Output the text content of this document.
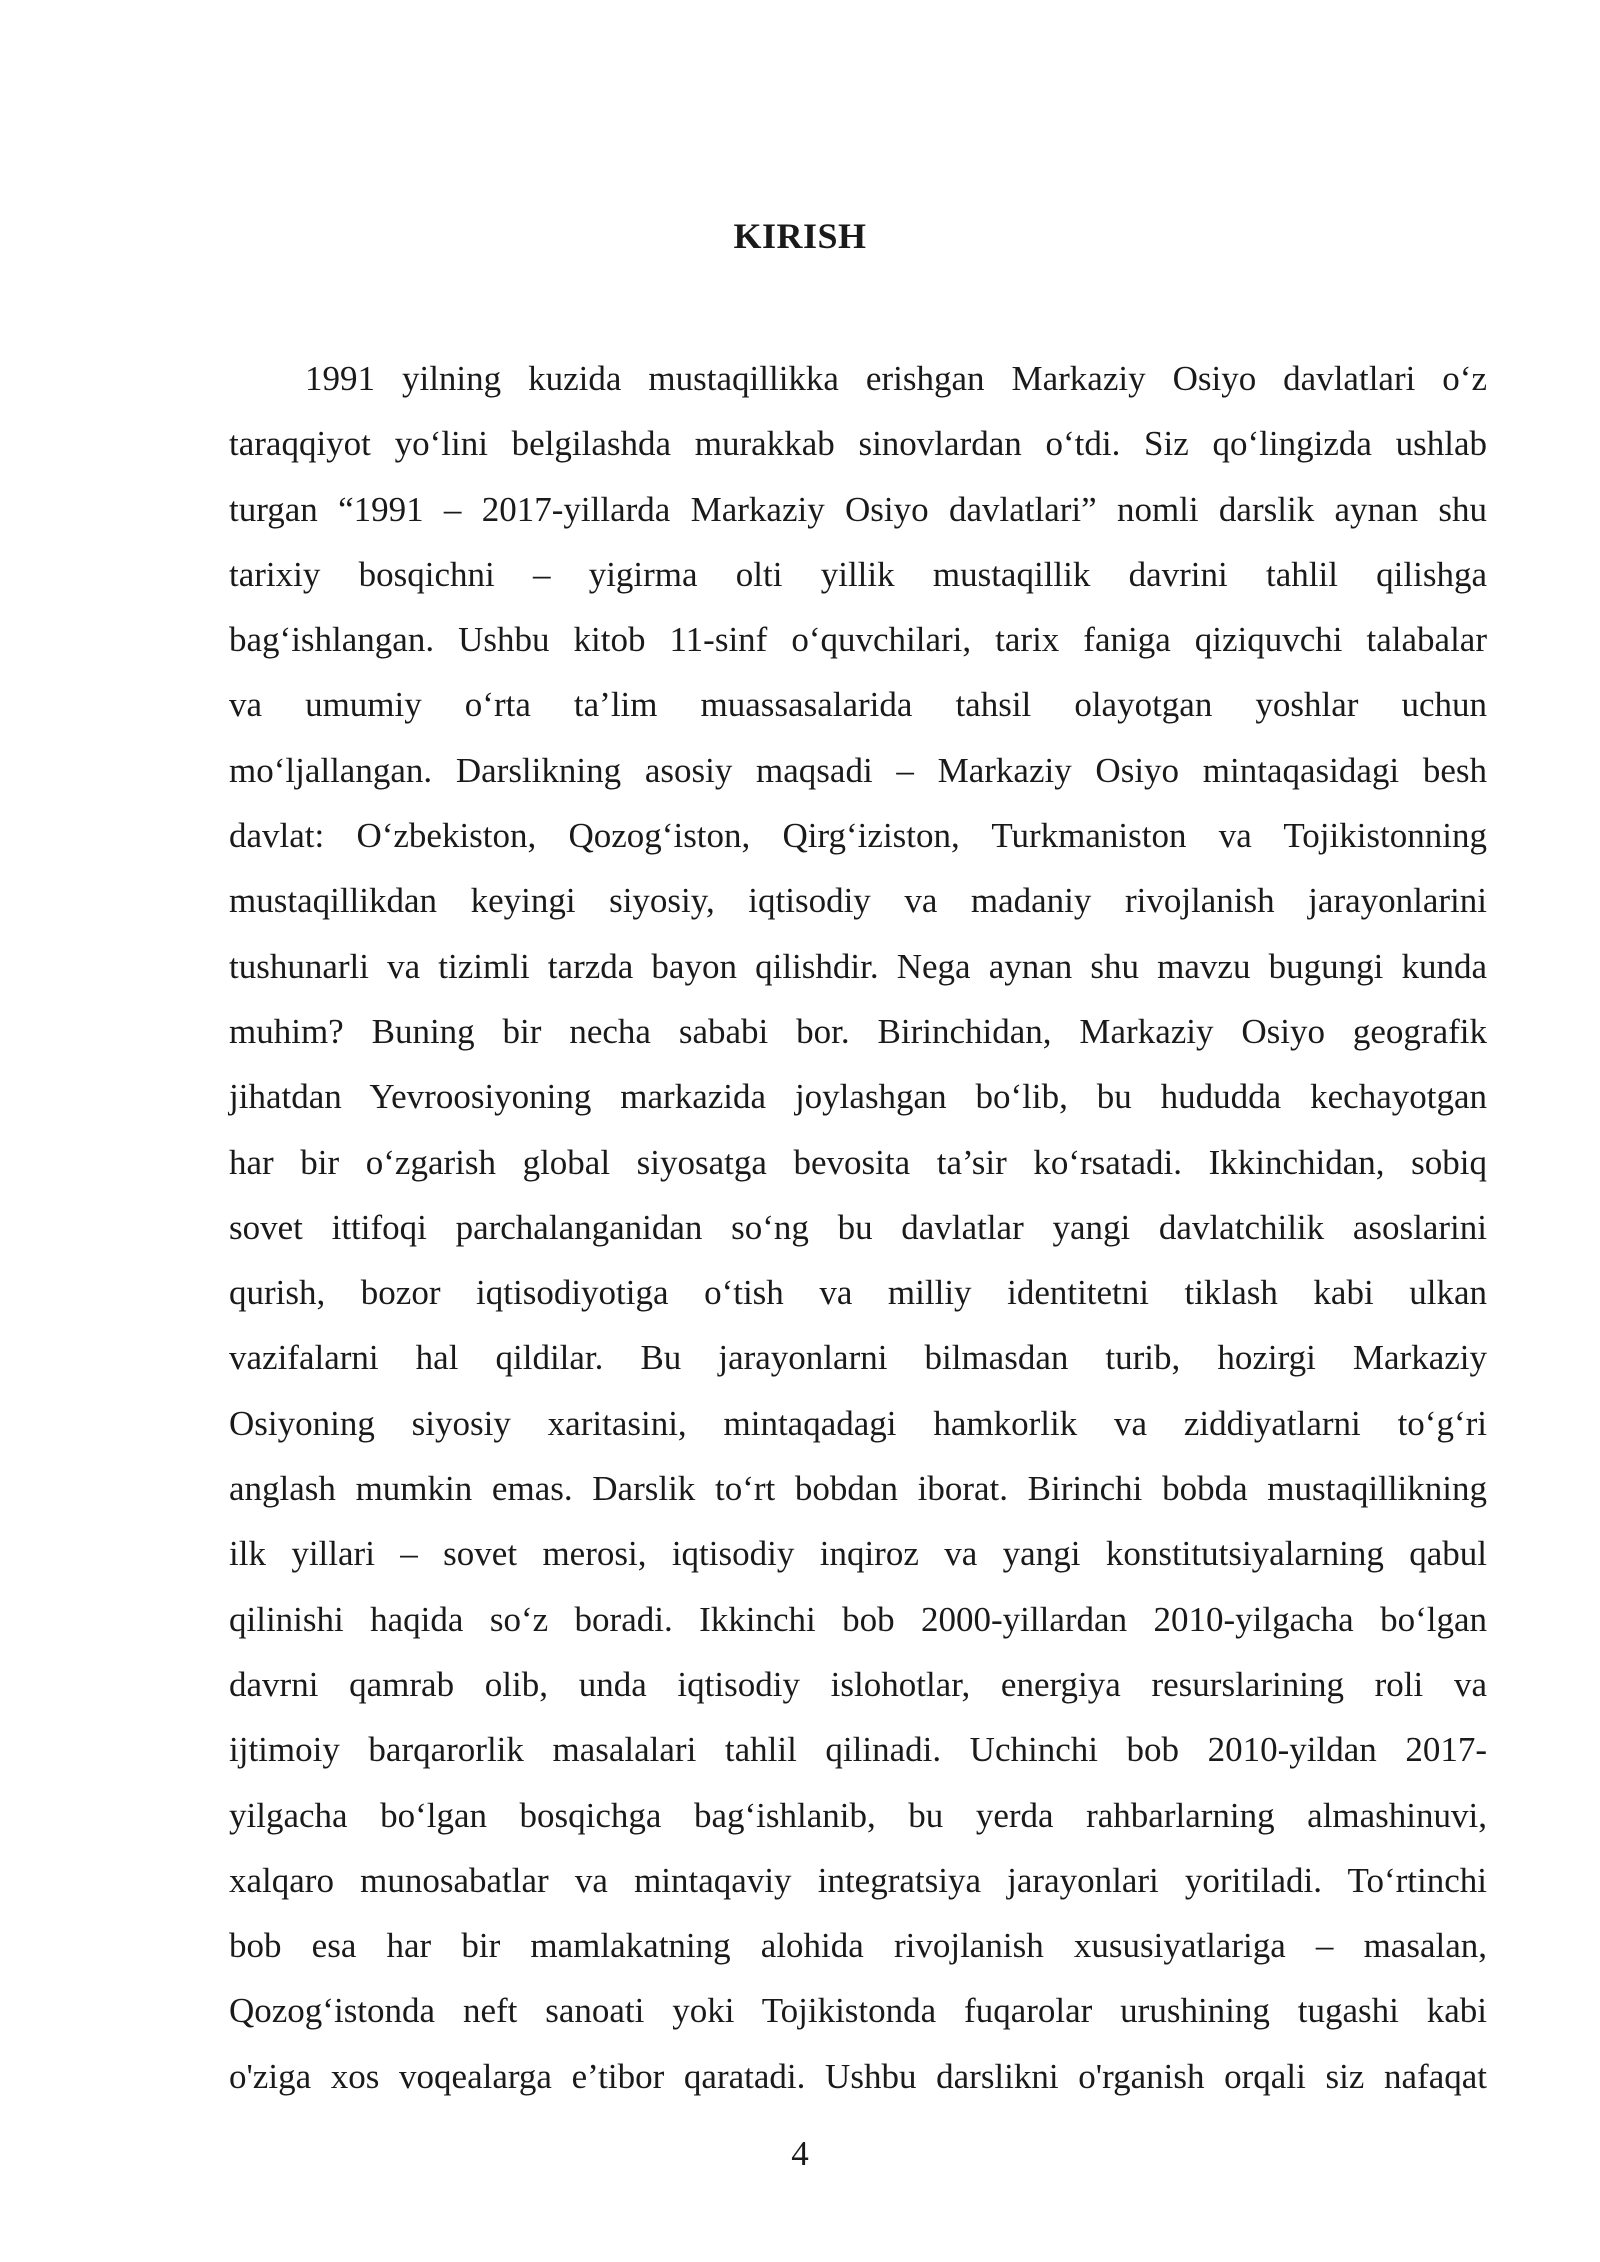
KIRISH
1991 yilning kuzida mustaqillikka erishgan Markaziy Osiyo davlatlari o‘z
taraqqiyot yo‘lini belgilashda murakkab sinovlardan o‘tdi. Siz qo‘lingizda ushlab
turgan “1991 – 2017-yillarda Markaziy Osiyo davlatlari” nomli darslik aynan shu
tarixiy bosqichni – yigirma olti yillik mustaqillik davrini tahlil qilishga
bag‘ishlangan. Ushbu kitob 11-sinf o‘quvchilari, tarix faniga qiziquvchi talabalar
va umumiy o‘rta ta’lim muassasalarida tahsil olayotgan yoshlar uchun
mo‘ljallangan. Darslikning asosiy maqsadi – Markaziy Osiyo mintaqasidagi besh
davlat: O‘zbekiston, Qozog‘iston, Qirg‘iziston, Turkmaniston va Tojikistonning
mustaqillikdan keyingi siyosiy, iqtisodiy va madaniy rivojlanish jarayonlarini
tushunarli va tizimli tarzda bayon qilishdir. Nega aynan shu mavzu bugungi kunda
muhim? Buning bir necha sababi bor. Birinchidan, Markaziy Osiyo geografik
jihatdan Yevroosiyoning markazida joylashgan bo‘lib, bu hududda kechayotgan
har bir o‘zgarish global siyosatga bevosita ta’sir ko‘rsatadi. Ikkinchidan, sobiq
sovet ittifoqi parchalanganidan so‘ng bu davlatlar yangi davlatchilik asoslarini
qurish, bozor iqtisodiyotiga o‘tish va milliy identitetni tiklash kabi ulkan
vazifalarni hal qildilar. Bu jarayonlarni bilmasdan turib, hozirgi Markaziy
Osiyoning siyosiy xaritasini, mintaqadagi hamkorlik va ziddiyatlarni to‘g‘ri
anglash mumkin emas. Darslik to‘rt bobdan iborat. Birinchi bobda mustaqillikning
ilk yillari – sovet merosi, iqtisodiy inqiroz va yangi konstitutsiyalarning qabul
qilinishi haqida so‘z boradi. Ikkinchi bob 2000-yillardan 2010-yilgacha bo‘lgan
davrni qamrab olib, unda iqtisodiy islohotlar, energiya resurslarining roli va
ijtimoiy barqarorlik masalalari tahlil qilinadi. Uchinchi bob 2010-yildan 2017-
yilgacha bo‘lgan bosqichga bag‘ishlanib, bu yerda rahbarlarning almashinuvi,
xalqaro munosabatlar va mintaqaviy integratsiya jarayonlari yoritiladi. To‘rtinchi
bob esa har bir mamlakatning alohida rivojlanish xususiyatlariga – masalan,
Qozog‘istonda neft sanoati yoki Tojikistonda fuqarolar urushining tugashi kabi
o'ziga xos voqealarga e’tibor qaratadi. Ushbu darslikni o'rganish orqali siz nafaqat
4
